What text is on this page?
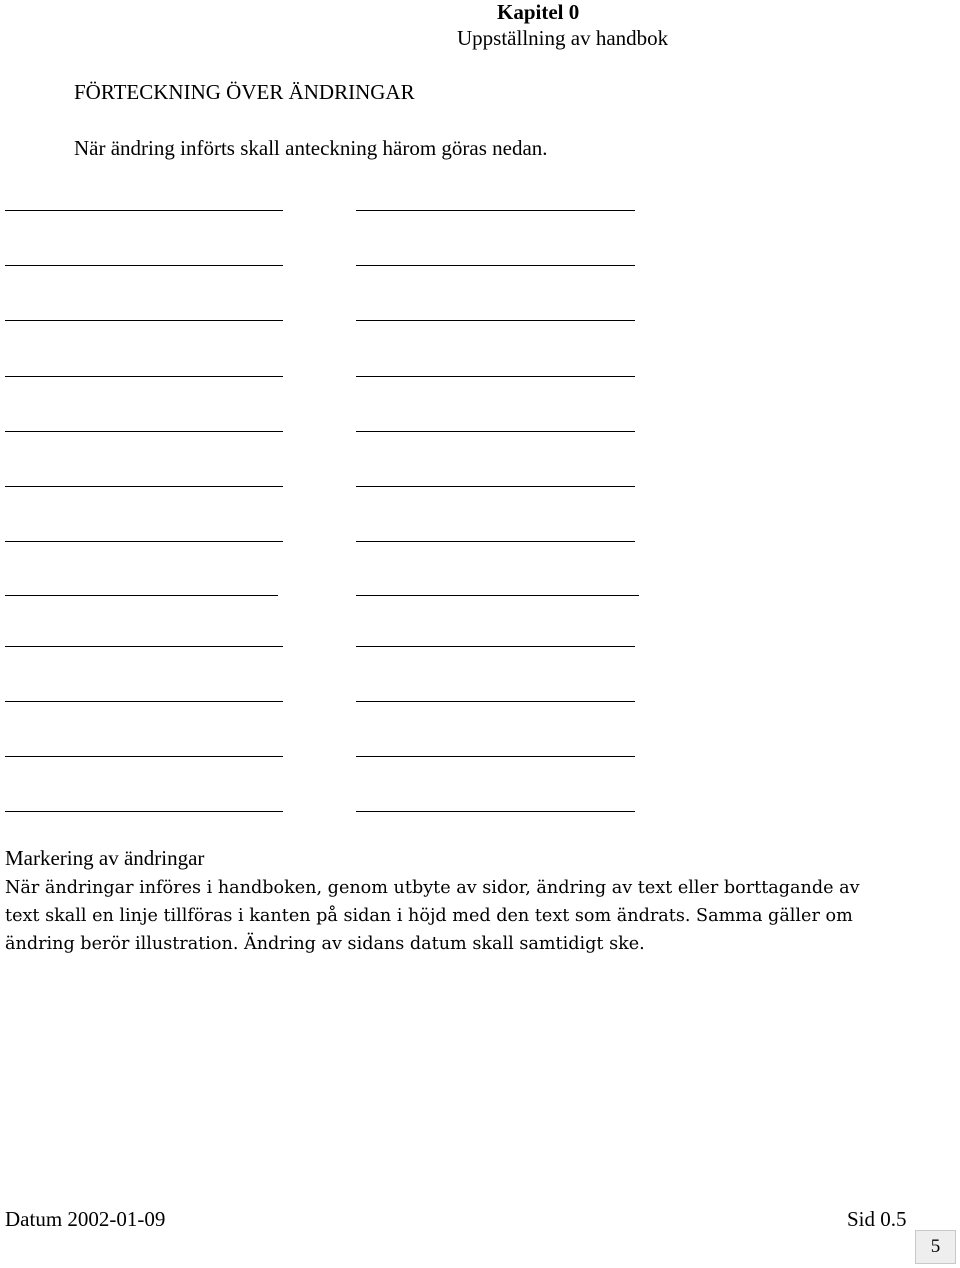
Kapitel 0
Uppställning av handbok
FÖRTECKNING ÖVER ÄNDRINGAR
När ändring införts skall anteckning härom göras nedan.
Markering av ändringar
När ändringar införes i handboken, genom utbyte av sidor, ändring av text eller borttagande av
text skall en linje tillföras i kanten på sidan i höjd med den text som ändrats. Samma gäller om
ändring berör illustration. Ändring av sidans datum skall samtidigt ske.
Datum 2002-01-09	Sid 0.5
5
